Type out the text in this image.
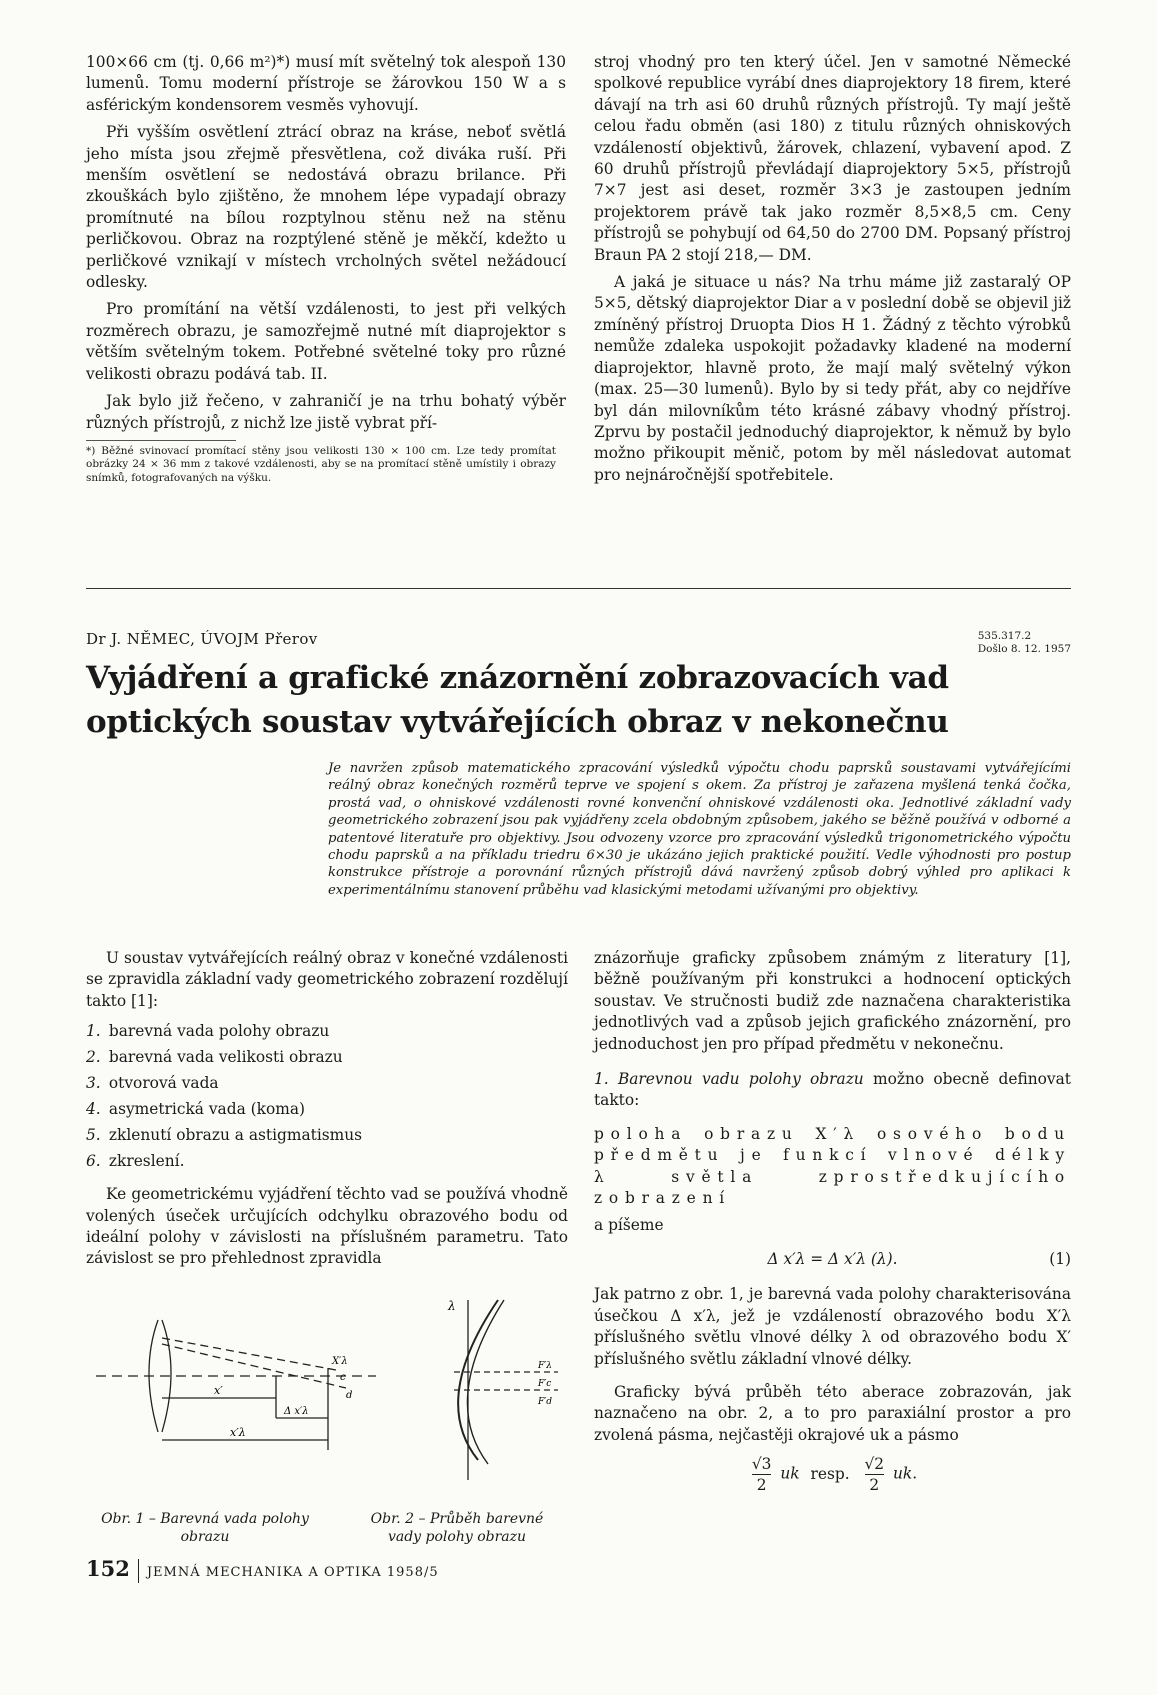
100×66 cm (tj. 0,66 m²)*) musí mít světelný tok alespoň 130 lumenů. Tomu moderní přístroje se žárovkou 150 W a s asférickým kondensorem vesměs vyhovují.

Při vyšším osvětlení ztrácí obraz na kráse, neboť světlá jeho místa jsou zřejmě přesvětlena, což diváka ruší. Při menším osvětlení se nedostává obrazu brilance. Při zkouškách bylo zjištěno, že mnohem lépe vypadají obrazy promítnuté na bílou rozptylnou stěnu než na stěnu perličkovou. Obraz na rozptýlené stěně je měkčí, kdežto u perličkové vznikají v místech vrcholných světel nežádoucí odlesky.

Pro promítání na větší vzdálenosti, to jest při velkých rozměrech obrazu, je samozřejmě nutné mít diaprojektor s větším světelným tokem. Potřebné světelné toky pro různé velikosti obrazu podává tab. II.

Jak bylo již řečeno, v zahraničí je na trhu bohatý výběr různých přístrojů, z nichž lze jistě vybrat pří-

*) Běžné svinovací promítací stěny jsou velikosti 130 × 100 cm. Lze tedy promítat obrázky 24 × 36 mm z takové vzdálenosti, aby se na promítací stěně umístily i obrazy snímků, fotografovaných na výšku.

stroj vhodný pro ten který účel. Jen v samotné Německé spolkové republice vyrábí dnes diaprojektory 18 firem, které dávají na trh asi 60 druhů různých přístrojů. Ty mají ještě celou řadu obměn (asi 180) z titulu různých ohniskových vzdáleností objektivů, žárovek, chlazení, vybavení apod. Z 60 druhů přístrojů převládají diaprojektory 5×5, přístrojů 7×7 jest asi deset, rozměr 3×3 je zastoupen jedním projektorem právě tak jako rozměr 8,5×8,5 cm. Ceny přístrojů se pohybují od 64,50 do 2700 DM. Popsaný přístroj Braun PA 2 stojí 218,— DM.

A jaká je situace u nás? Na trhu máme již zastaralý OP 5×5, dětský diaprojektor Diar a v poslední době se objevil již zmíněný přístroj Druopta Dios H 1. Žádný z těchto výrobků nemůže zdaleka uspokojit požadavky kladené na moderní diaprojektor, hlavně proto, že mají malý světelný výkon (max. 25—30 lumenů). Bylo by si tedy přát, aby co nejdříve byl dán milovníkům této krásné zábavy vhodný přístroj. Zprvu by postačil jednoduchý diaprojektor, k němuž by bylo možno přikoupit měnič, potom by měl následovat automat pro nejnáročnější spotřebitele.

Dr J. NĚMEC, ÚVOJM Přerov	535.317.2
Došlo 8. 12. 1957
Vyjádření a grafické znázornění zobrazovacích vad optických soustav vytvářejících obraz v nekonečnu
Je navržen způsob matematického zpracování výsledků výpočtu chodu paprsků soustavami vytvářejícími reálný obraz konečných rozměrů teprve ve spojení s okem. Za přístroj je zařazena myšlená tenká čočka, prostá vad, o ohniskové vzdálenosti rovné konvenční ohniskové vzdálenosti oka. Jednotlivé základní vady geometrického zobrazení jsou pak vyjádřeny zcela obdobným způsobem, jakého se běžně používá v odborné a patentové literatuře pro objektivy. Jsou odvozeny vzorce pro zpracování výsledků trigonometrického výpočtu chodu paprsků a na příkladu triedru 6×30 je ukázáno jejich praktické použití. Vedle výhodnosti pro postup konstrukce přístroje a porovnání různých přístrojů dává navržený způsob dobrý výhled pro aplikaci k experimentálnímu stanovení průběhu vad klasickými metodami užívanými pro objektivy.

U soustav vytvářejících reálný obraz v konečné vzdálenosti se zpravidla základní vady geometrického zobrazení rozdělují takto [1]:

1. barevná vada polohy obrazu
2. barevná vada velikosti obrazu
3. otvorová vada
4. asymetrická vada (koma)
5. zklenutí obrazu a astigmatismus
6. zkreslení.

Ke geometrickému vyjádření těchto vad se používá vhodně volených úseček určujících odchylku obrazového bodu od ideální polohy v závislosti na příslušném parametru. Tato závislost se pro přehlednost zpravidla

x′
x′λ
Δ x′λ
X′λ
c
d
λ
F′λ
F′c
F′d
Obr. 1 – Barevná vada polohy obrazu
Obr. 2 – Průběh barevné vady polohy obrazu

znázorňuje graficky způsobem známým z literatury [1], běžně používaným při konstrukci a hodnocení optických soustav. Ve stručnosti budiž zde naznačena charakteristika jednotlivých vad a způsob jejich grafického znázornění, pro jednoduchost jen pro případ předmětu v nekonečnu.

1. Barevnou vadu polohy obrazu možno obecně definovat takto:

poloha obrazu X′λ osového bodu předmětu je funkcí vlnové délky λ světla zprostředkujícího zobrazení

a píšeme

Δ x′λ = Δ x′λ (λ).	(1)

Jak patrno z obr. 1, je barevná vada polohy charakterisována úsečkou Δ x′λ, jež je vzdáleností obrazového bodu X′λ příslušného světlu vlnové délky λ od obrazového bodu X′ příslušného světlu základní vlnové délky.

Graficky bývá průběh této aberace zobrazován, jak naznačeno na obr. 2, a to pro paraxiální prostor a pro zvolená pásma, nejčastěji okrajové uk a pásmo

$\frac{√3}{2}$ uk resp. $\frac{√2}{2}$ uk.
152 JEMNÁ MECHANIKA A OPTIKA 1958/5
